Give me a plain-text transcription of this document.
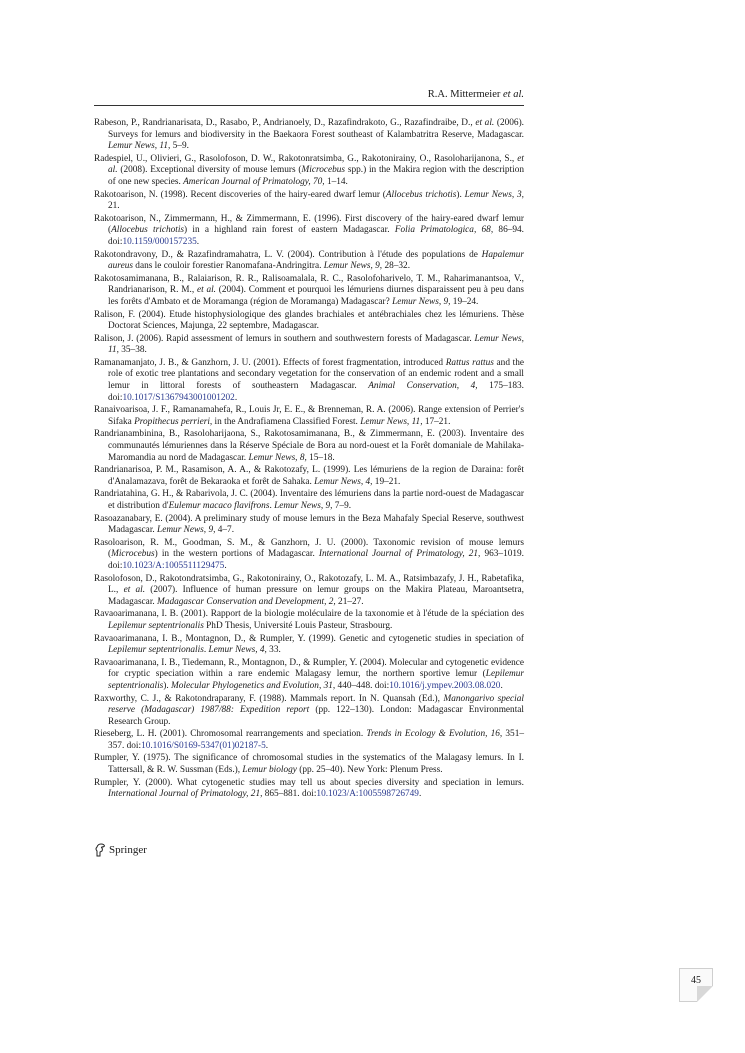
R.A. Mittermeier et al.

Rabeson, P., Randrianarisata, D., Rasabo, P., Andrianoely, D., Razafindrakoto, G., Razafindraibe, D., et al. (2006). Surveys for lemurs and biodiversity in the Baekaora Forest southeast of Kalambatritra Reserve, Madagascar. Lemur News, 11, 5–9.

Radespiel, U., Olivieri, G., Rasolofoson, D. W., Rakotonratsimba, G., Rakotonirainy, O., Rasoloharijanona, S., et al. (2008). Exceptional diversity of mouse lemurs (Microcebus spp.) in the Makira region with the description of one new species. American Journal of Primatology, 70, 1–14.

Rakotoarison, N. (1998). Recent discoveries of the hairy-eared dwarf lemur (Allocebus trichotis). Lemur News, 3, 21.

Rakotoarison, N., Zimmermann, H., & Zimmermann, E. (1996). First discovery of the hairy-eared dwarf lemur (Allocebus trichotis) in a highland rain forest of eastern Madagascar. Folia Primatologica, 68, 86–94. doi:10.1159/000157235.

Rakotondravony, D., & Razafindramahatra, L. V. (2004). Contribution à l'étude des populations de Hapalemur aureus dans le couloir forestier Ranomafana-Andringitra. Lemur News, 9, 28–32.

Rakotosamimanana, B., Ralaiarison, R. R., Ralisoamalala, R. C., Rasolofoharivelo, T. M., Raharimanantsoa, V., Randrianarison, R. M., et al. (2004). Comment et pourquoi les lémuriens diurnes disparaissent peu à peu dans les forêts d'Ambato et de Moramanga (région de Moramanga) Madagascar? Lemur News, 9, 19–24.

Ralison, F. (2004). Etude histophysiologique des glandes brachiales et antébrachiales chez les lémuriens. Thèse Doctorat Sciences, Majunga, 22 septembre, Madagascar.

Ralison, J. (2006). Rapid assessment of lemurs in southern and southwestern forests of Madagascar. Lemur News, 11, 35–38.

Ramanamanjato, J. B., & Ganzhorn, J. U. (2001). Effects of forest fragmentation, introduced Rattus rattus and the role of exotic tree plantations and secondary vegetation for the conservation of an endemic rodent and a small lemur in littoral forests of southeastern Madagascar. Animal Conservation, 4, 175–183. doi:10.1017/S1367943001001202.

Ranaivoarisoa, J. F., Ramanamahefa, R., Louis Jr, E. E., & Brenneman, R. A. (2006). Range extension of Perrier's Sifaka Propithecus perrieri, in the Andrafiamena Classified Forest. Lemur News, 11, 17–21.

Randrianambinina, B., Rasoloharijaona, S., Rakotosamimanana, B., & Zimmermann, E. (2003). Inventaire des communautés lémuriennes dans la Réserve Spéciale de Bora au nord-ouest et la Forêt domaniale de Mahilaka-Maromandia au nord de Madagascar. Lemur News, 8, 15–18.

Randrianarisoa, P. M., Rasamison, A. A., & Rakotozafy, L. (1999). Les lémuriens de la region de Daraina: forêt d'Analamazava, forêt de Bekaraoka et forêt de Sahaka. Lemur News, 4, 19–21.

Randriatahina, G. H., & Rabarivola, J. C. (2004). Inventaire des lémuriens dans la partie nord-ouest de Madagascar et distribution d'Eulemur macaco flavifrons. Lemur News, 9, 7–9.

Rasoazanabary, E. (2004). A preliminary study of mouse lemurs in the Beza Mahafaly Special Reserve, southwest Madagascar. Lemur News, 9, 4–7.

Rasoloarison, R. M., Goodman, S. M., & Ganzhorn, J. U. (2000). Taxonomic revision of mouse lemurs (Microcebus) in the western portions of Madagascar. International Journal of Primatology, 21, 963–1019. doi:10.1023/A:1005511129475.

Rasolofoson, D., Rakotondratsimba, G., Rakotonirainy, O., Rakotozafy, L. M. A., Ratsimbazafy, J. H., Rabetafika, L., et al. (2007). Influence of human pressure on lemur groups on the Makira Plateau, Maroantsetra, Madagascar. Madagascar Conservation and Development, 2, 21–27.

Ravaoarimanana, I. B. (2001). Rapport de la biologie moléculaire de la taxonomie et à l'étude de la spéciation des Lepilemur septentrionalis PhD Thesis, Université Louis Pasteur, Strasbourg.

Ravaoarimanana, I. B., Montagnon, D., & Rumpler, Y. (1999). Genetic and cytogenetic studies in speciation of Lepilemur septentrionalis. Lemur News, 4, 33.

Ravaoarimanana, I. B., Tiedemann, R., Montagnon, D., & Rumpler, Y. (2004). Molecular and cytogenetic evidence for cryptic speciation within a rare endemic Malagasy lemur, the northern sportive lemur (Lepilemur septentrionalis). Molecular Phylogenetics and Evolution, 31, 440–448. doi:10.1016/j.ympev.2003.08.020.

Raxworthy, C. J., & Rakotondraparany, F. (1988). Mammals report. In N. Quansah (Ed.), Manongarivo special reserve (Madagascar) 1987/88: Expedition report (pp. 122–130). London: Madagascar Environmental Research Group.

Rieseberg, L. H. (2001). Chromosomal rearrangements and speciation. Trends in Ecology & Evolution, 16, 351–357. doi:10.1016/S0169-5347(01)02187-5.

Rumpler, Y. (1975). The significance of chromosomal studies in the systematics of the Malagasy lemurs. In I. Tattersall, & R. W. Sussman (Eds.), Lemur biology (pp. 25–40). New York: Plenum Press.

Rumpler, Y. (2000). What cytogenetic studies may tell us about species diversity and speciation in lemurs. International Journal of Primatology, 21, 865–881. doi:10.1023/A:1005598726749.

Springer
45
